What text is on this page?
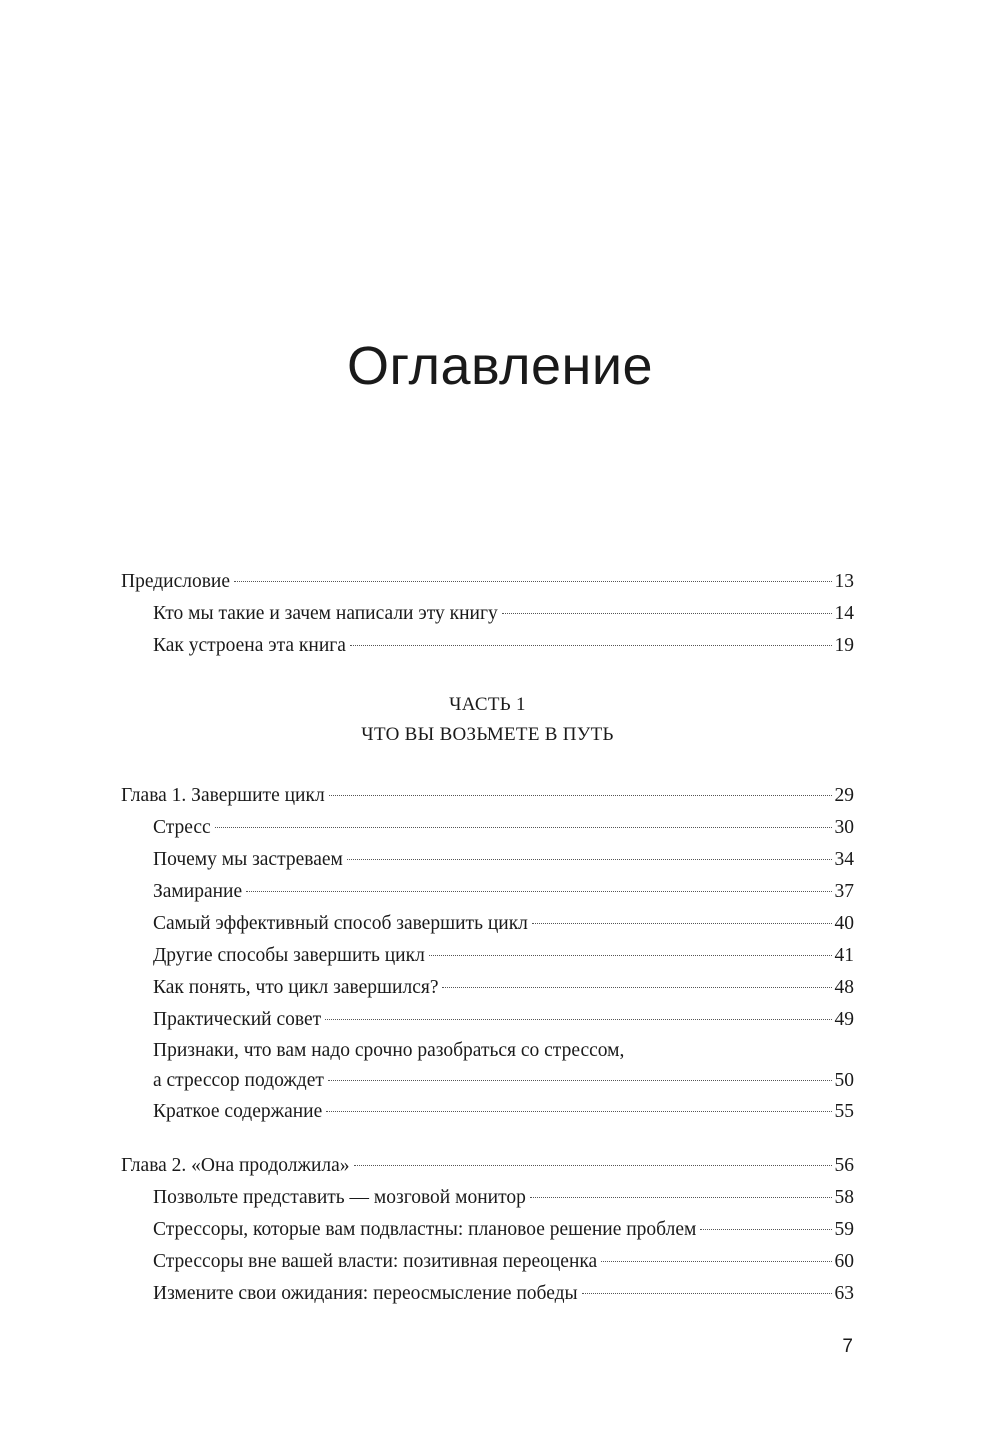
Оглавление
Предисловие	13
Кто мы такие и зачем написали эту книгу	14
Как устроена эта книга	19
ЧАСТЬ 1
ЧТО ВЫ ВОЗЬМЕТЕ В ПУТЬ
Глава 1. Завершите цикл	29
Стресс	30
Почему мы застреваем	34
Замирание	37
Самый эффективный способ завершить цикл	40
Другие способы завершить цикл	41
Как понять, что цикл завершился?	48
Практический совет	49
Признаки, что вам надо срочно разобраться со стрессом,
а стрессор подождет	50
Краткое содержание	55
Глава 2. «Она продолжила»	56
Позвольте представить — мозговой монитор	58
Стрессоры, которые вам подвластны: плановое решение проблем	59
Стрессоры вне вашей власти: позитивная переоценка	60
Измените свои ожидания: переосмысление победы	63
7
